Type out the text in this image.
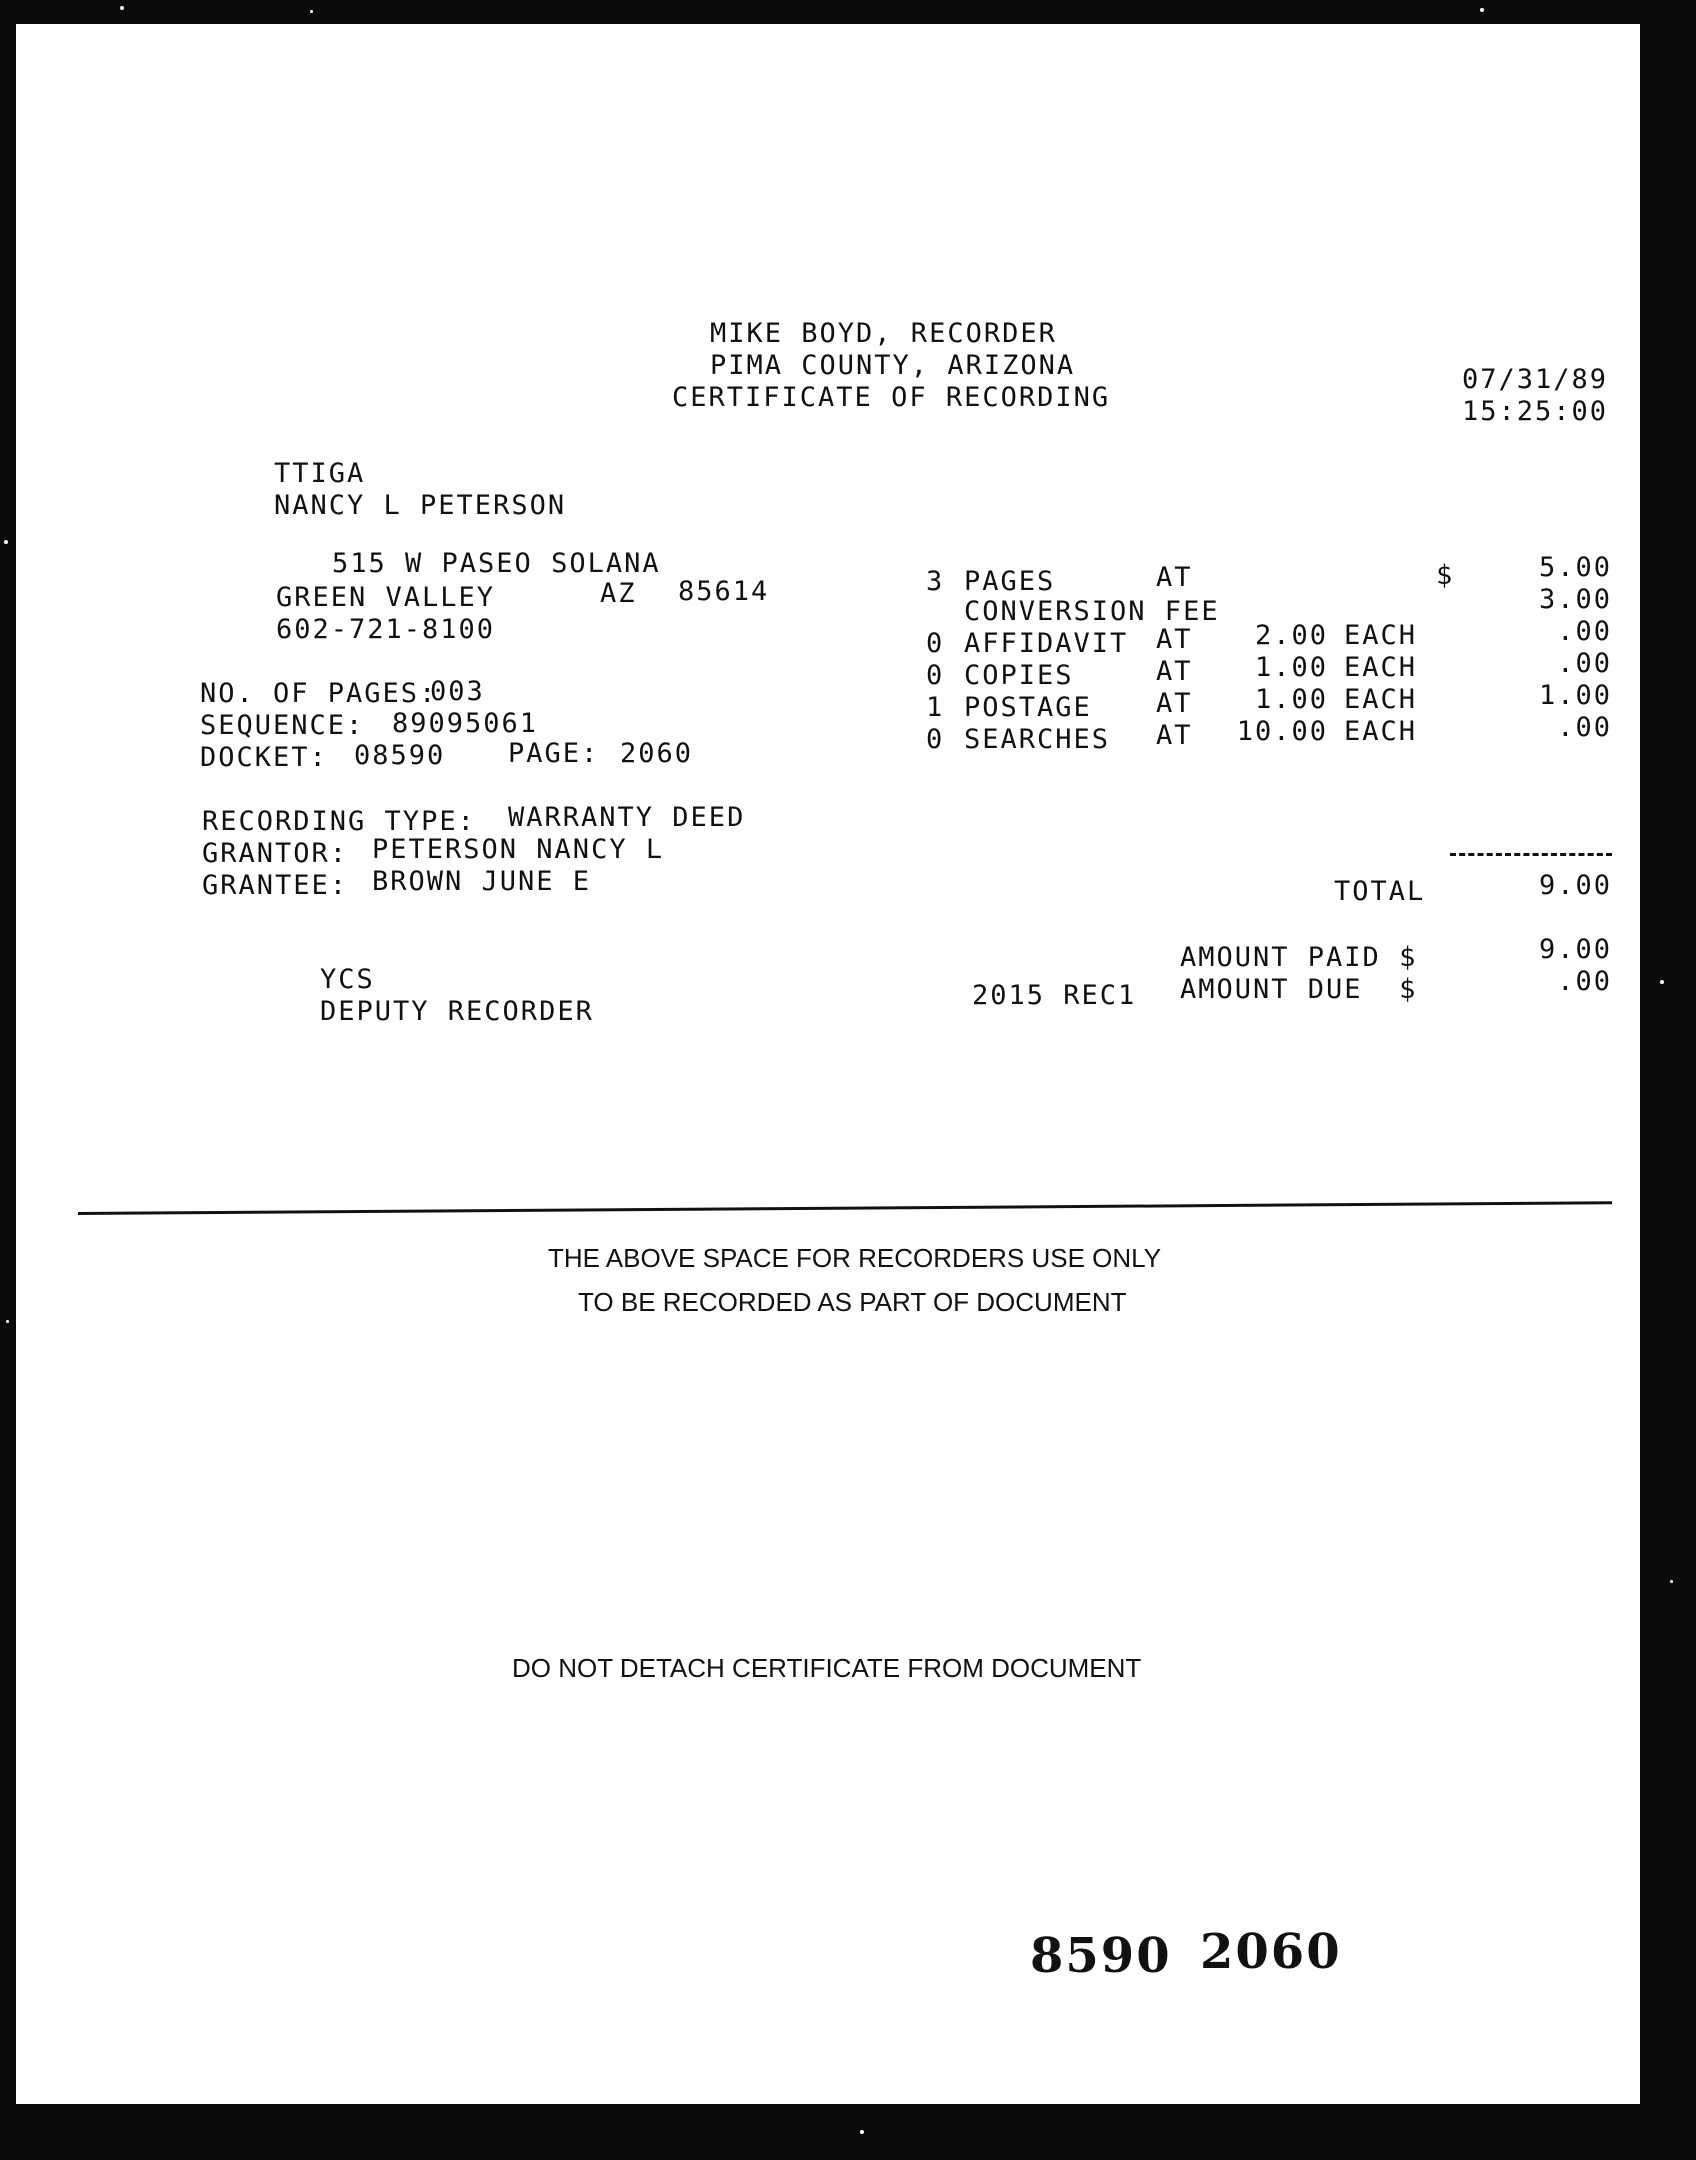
MIKE BOYD, RECORDER
PIMA COUNTY, ARIZONA
CERTIFICATE OF RECORDING
07/31/89
15:25:00
TTIGA
NANCY L PETERSON
515 W PASEO SOLANA
GREEN VALLEY	AZ 85614
602-721-8100
NO. OF PAGES:
003
SEQUENCE: 89095061
DOCKET: 08590 PAGE: 2060
RECORDING TYPE: WARRANTY DEED
GRANTOR: PETERSON NANCY L
GRANTEE: BROWN JUNE E
3 PAGES	AT	$	5.00
CONVERSION FEE	3.00
0 AFFIDAVIT AT	2.00 EACH	.00
0 COPIES	AT	1.00 EACH	.00
1 POSTAGE AT	1.00 EACH	1.00
0 SEARCHES AT	10.00 EACH	.00
TOTAL	9.00
AMOUNT PAID $	9.00
2015 REC1 AMOUNT DUE  $	.00
YCS
DEPUTY RECORDER
THE ABOVE SPACE FOR RECORDERS USE ONLY
TO BE RECORDED AS PART OF DOCUMENT
DO NOT DETACH CERTIFICATE FROM DOCUMENT
8590 2060
